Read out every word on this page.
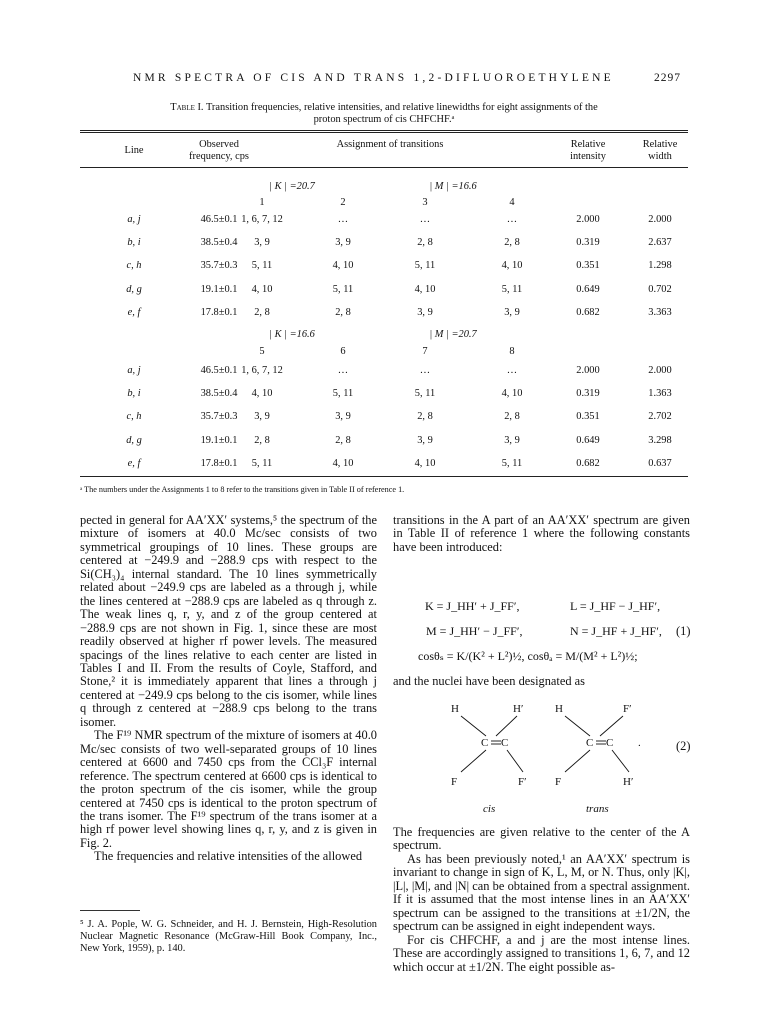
NMR SPECTRA OF CIS AND TRANS 1,2-DIFLUOROETHYLENE	2297
Table I. Transition frequencies, relative intensities, and relative linewidths for eight assignments of the
proton spectrum of cis CHFCHF.ᵃ
Line
Observed
frequency, cps
Assignment of transitions	Relative
intensity
Relative
width
| K | =20.7	| M | =16.6
1	2	3	4
a, j	46.5±0.1 1, 6, 7, 12	…	…	…	2.000	2.000
b, i	38.5±0.4 3, 9	3, 9	2, 8	2, 8	0.319	2.637
c, h	35.7±0.3 5, 11	4, 10	5, 11	4, 10	0.351	1.298
d, g	19.1±0.1 4, 10	5, 11	4, 10	5, 11	0.649	0.702
e, f	17.8±0.1 2, 8	2, 8	3, 9	3, 9	0.682	3.363
| K | =16.6	| M | =20.7
5	6	7	8
a, j	46.5±0.1 1, 6, 7, 12	…	…	…	2.000	2.000
b, i	38.5±0.4 4, 10	5, 11	5, 11	4, 10	0.319	1.363
c, h	35.7±0.3 3, 9	3, 9	2, 8	2, 8	0.351	2.702
d, g	19.1±0.1 2, 8	2, 8	3, 9	3, 9	0.649	3.298
e, f	17.8±0.1 5, 11	4, 10	4, 10	5, 11	0.682	0.637
ᵃ The numbers under the Assignments 1 to 8 refer to the transitions given in Table II of reference 1.

pected in general for AA′XX′ systems,⁵ the spectrum of the mixture of isomers at 40.0 Mc/sec consists of two symmetrical groupings of 10 lines. These groups are centered at −249.9 and −288.9 cps with respect to the Si(CH₃)₄ internal standard. The 10 lines symmetrically related about −249.9 cps are labeled as a through j, while the lines centered at −288.9 cps are labeled as q through z. The weak lines q, r, y, and z of the group centered at −288.9 cps are not shown in Fig. 1, since these are most readily observed at higher rf power levels. The measured spacings of the lines relative to each center are listed in Tables I and II. From the results of Coyle, Stafford, and Stone,² it is immediately apparent that lines a through j centered at −249.9 cps belong to the cis isomer, while lines q through z centered at −288.9 cps belong to the trans isomer.

The F¹⁹ NMR spectrum of the mixture of isomers at 40.0 Mc/sec consists of two well-separated groups of 10 lines centered at 6600 and 7450 cps from the CCl₃F internal reference. The spectrum centered at 6600 cps is identical to the proton spectrum of the cis isomer, while the group centered at 7450 cps is identical to the proton spectrum of the trans isomer. The F¹⁹ spectrum of the trans isomer at a high rf power level showing lines q, r, y, and z is given in Fig. 2.

The frequencies and relative intensities of the allowed

⁵ J. A. Pople, W. G. Schneider, and H. J. Bernstein, High-Resolution Nuclear Magnetic Resonance (McGraw-Hill Book Company, Inc., New York, 1959), p. 140.

transitions in the A part of an AA′XX′ spectrum are given in Table II of reference 1 where the following constants have been introduced:

K = J_HH′ + J_FF′,	L = J_HF − J_HF′,
M = J_HH′ − J_FF′,	N = J_HF + J_HF′, (1)
cosθₛ = K/(K² + L²)½, cosθₐ = M/(M² + L²)½;

and the nuclei have been designated as

H	H′
C C
F	F′
H	F′
C C
F	H′
.	(2)
cis	trans

The frequencies are given relative to the center of the A spectrum.

As has been previously noted,¹ an AA′XX′ spectrum is invariant to change in sign of K, L, M, or N. Thus, only |K|, |L|, |M|, and |N| can be obtained from a spectral assignment. If it is assumed that the most intense lines in an AA′XX′ spectrum can be assigned to the transitions at ±1/2N, the spectrum can be assigned in eight independent ways.

For cis CHFCHF, a and j are the most intense lines. These are accordingly assigned to transitions 1, 6, 7, and 12 which occur at ±1/2N. The eight possible as-
